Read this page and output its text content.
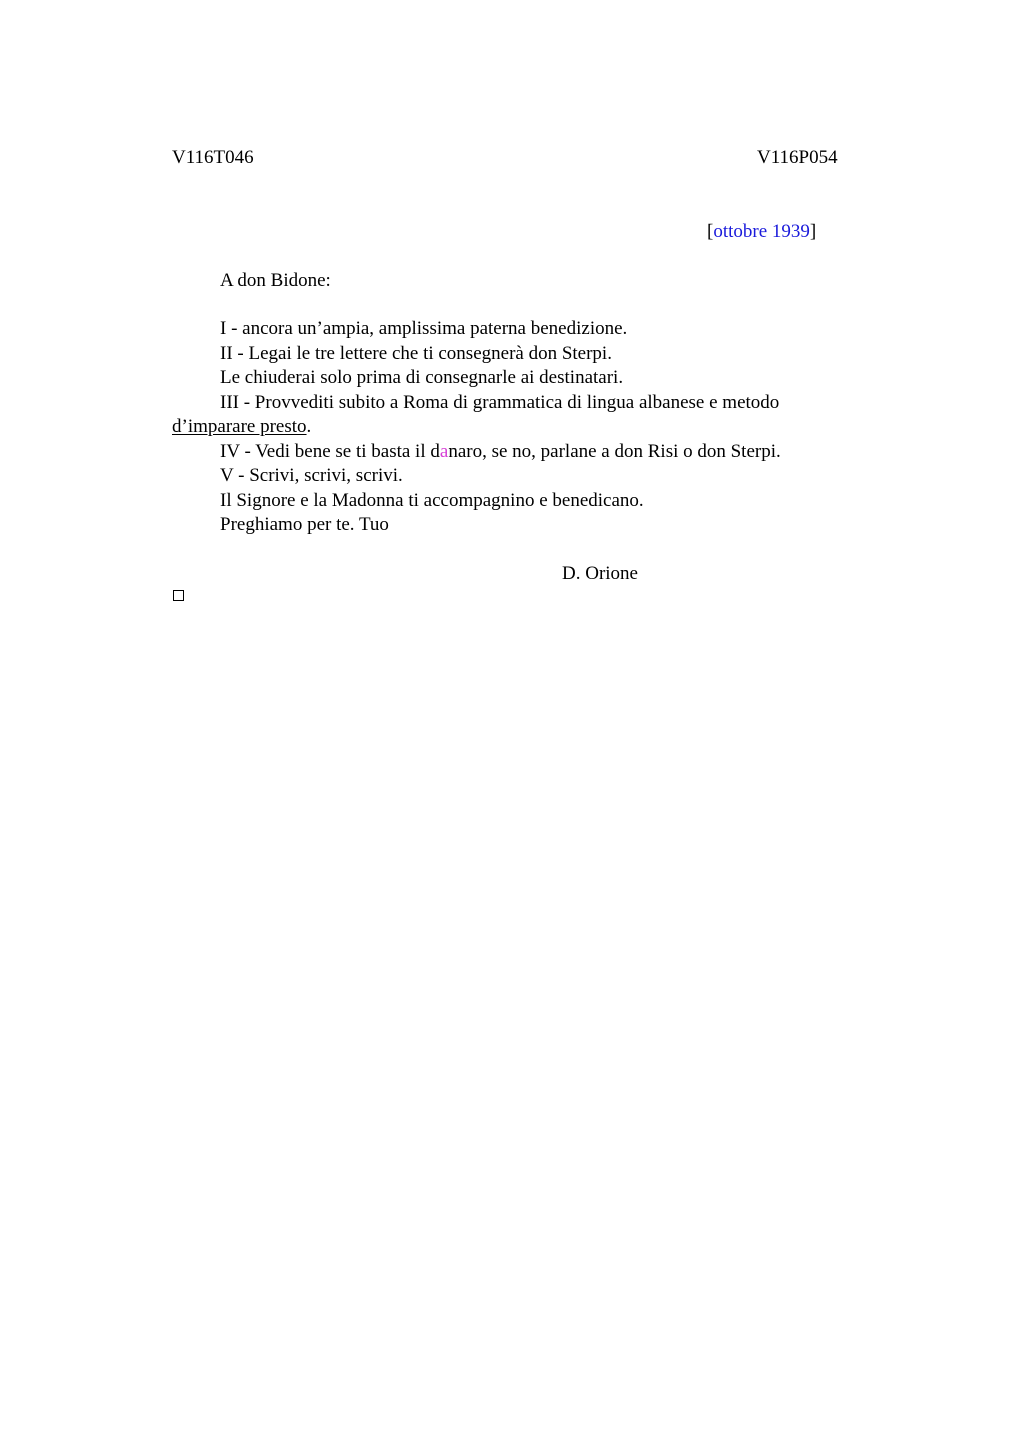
V116T046	V116P054
[ottobre 1939]
A don Bidone:
I - ancora un’ampia, amplissima paterna benedizione.
II - Legai le tre lettere che ti consegnerà don Sterpi.
Le chiuderai solo prima di consegnarle ai destinatari.
III - Provvediti subito a Roma di grammatica di lingua albanese e metodo
d’imparare presto.
IV - Vedi bene se ti basta il danaro, se no, parlane a don Risi o don Sterpi.
V - Scrivi, scrivi, scrivi.
Il Signore e la Madonna ti accompagnino e benedicano.
Preghiamo per te. Tuo
D. Orione
